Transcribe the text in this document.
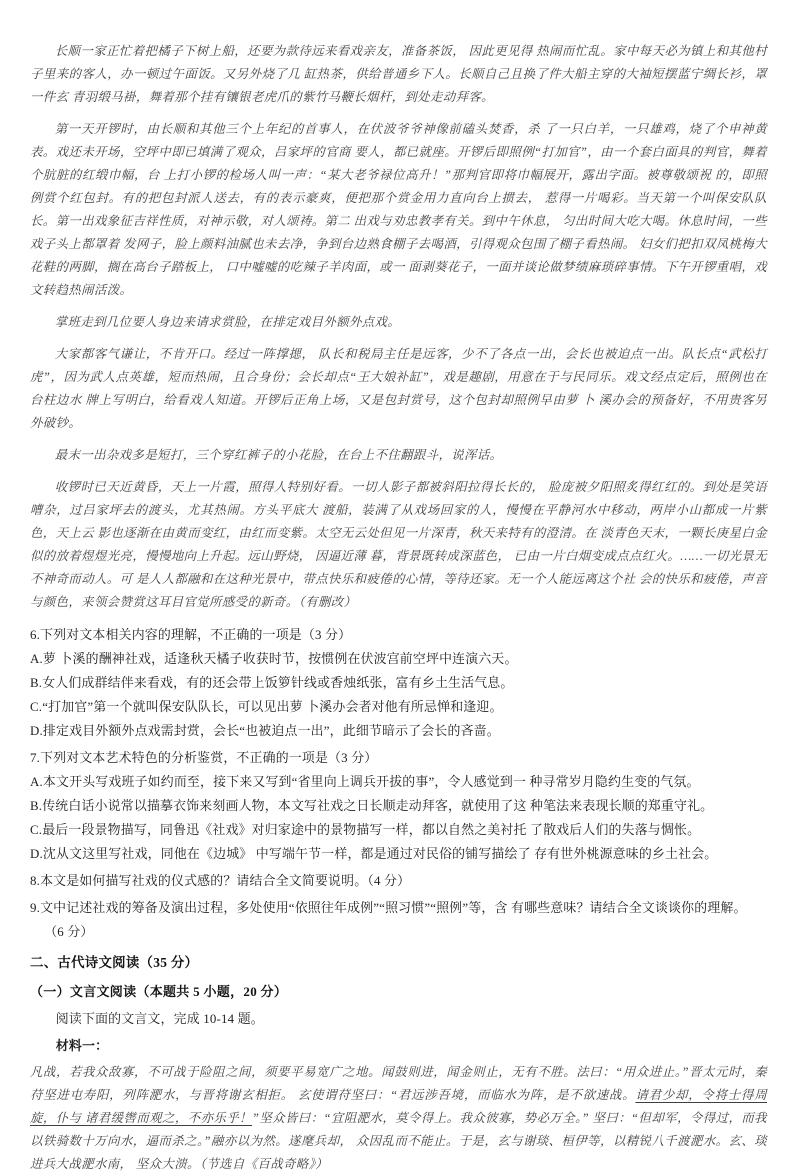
长顺一家正忙着把橘子下树上船，还要为款待远来看戏亲友，准备茶饭， 因此更见得 热闹而忙乱。家中每天必为镇上和其他村子里来的客人，办一顿过午面饭。又另外烧了几 缸热茶，供给普通乡下人。长顺自己且换了件大船主穿的大袖短摆蓝宁绸长衫，罩一件玄 青羽缎马褂，舞着那个挂有镶银老虎爪的紫竹马鞭长烟杆，到处走动拜客。

第一天开锣时，由长顺和其他三个上年纪的首事人，在伏波爷爷神像前磕头焚香，杀 了一只白羊，一只雄鸡，烧了个申神黄表。戏还未开场，空坪中即已填满了观众，吕家坪的官商 要人，都已就座。开锣后即照例“打加官”，由一个套白面具的判官，舞着个肮脏的红缎巾幅，台 上打小锣的检场人叫一声：“某大老爷禄位高升！”那判官即将巾幅展开，露出字面。被尊敬颂祝 的，即照例赏个红包封。有的把包封派人送去，有的表示豪爽，便把那个赏金用力直向台上掼去， 惹得一片喝彩。当天第一个叫保安队队长。第一出戏象征吉祥性质，对神示敬，对人颂祷。第二 出戏与劝忠教孝有关。到中午休息， 匀出时间大吃大喝。休息时间，一些戏子头上都罩着 发网子，脸上颜料油腻也未去净，争到台边熟食棚子去喝酒，引得观众包围了棚子看热闹。 妇女们把扣双凤桃梅大花鞋的两脚，搁在高台子踏板上， 口中嘘嘘的吃辣子羊肉面，或一 面剥葵花子，一面并谈论做梦绩麻琐碎事情。下午开锣重唱，戏文转趋热闹活泼。

掌班走到几位要人身边来请求赏脸，在排定戏目外额外点戏。

大家都客气谦让，不肯开口。经过一阵撑揌， 队长和税局主任是远客，少不了各点一出，会长也被迫点一出。队长点“武松打虎”，因为武人点英雄，短而热闹，且合身份；会长却点“王大娘补缸”，戏是趣剧，用意在于与民同乐。戏文经点定后，照例也在台柱边水 牌上写明白，给看戏人知道。开锣后正角上场，又是包封赏号，这个包封却照例早由萝 卜 溪办会的预备好，不用贵客另外破钞。

最末一出杂戏多是短打，三个穿红裤子的小花脸，在台上不住翻跟斗，说浑话。

收锣时已天近黄昏，天上一片霞，照得人特别好看。一切人影子都被斜阳拉得长长的， 脸庞被夕阳照炙得红红的。到处是笑语嘈杂，过吕家坪去的渡头，尤其热闹。方头平底大 渡船，装满了从戏场回家的人，慢慢在平静河水中移动，两岸小山都成一片紫色，天上云 影也逐渐在由黄而变红，由红而变紫。太空无云处但见一片深青，秋天来特有的澄清。在 淡青色天末，一颗长庚星白金似的放着煜煜光亮，慢慢地向上升起。远山野烧， 因逼近薄 暮，背景既转成深蓝色， 已由一片白烟变成点点红火。……一切光景无不神奇而动人。可 是人人都融和在这种光景中，带点快乐和疲倦的心情，等待还家。无一个人能远离这个社 会的快乐和疲倦，声音与颜色，来领会赞赏这耳目官觉所感受的新奇。（有删改）

6.下列对文本相关内容的理解，不正确的一项是（3 分）

A.萝 卜溪的酬神社戏，适逢秋天橘子收获时节，按惯例在伏波宫前空坪中连演六天。

B.女人们成群结伴来看戏，有的还会带上饭箩针线或香烛纸张，富有乡土生活气息。

C.“打加官”第一个就叫保安队队长，可以见出萝 卜溪办会者对他有所忌惮和逢迎。

D.排定戏目外额外点戏需封赏，会长“也被迫点一出”，此细节暗示了会长的吝啬。

7.下列对文本艺术特色的分析鉴赏，不正确的一项是（3 分）

A.本文开头写戏班子如约而至，接下来又写到“省里向上调兵开拔的事”，令人感觉到一 种寻常岁月隐约生变的气氛。

B.传统白话小说常以描摹衣饰来刻画人物，本文写社戏之日长顺走动拜客，就使用了这 种笔法来表现长顺的郑重守礼。

C.最后一段景物描写，同鲁迅《社戏》对归家途中的景物描写一样，都以自然之美衬托 了散戏后人们的失落与惆怅。

D.沈从文这里写社戏，同他在《边城》 中写端午节一样，都是通过对民俗的铺写描绘了 存有世外桃源意味的乡土社会。

8.本文是如何描写社戏的仪式感的？请结合全文简要说明。（4 分）

9.文中记述社戏的筹备及演出过程，多处使用“依照往年成例”“照习惯”“照例”等，含 有哪些意味？请结合全文谈谈你的理解。

（6 分）

二、古代诗文阅读（35 分）
（一）文言文阅读（本题共 5 小题，20 分）

阅读下面的文言文，完成 10-14 题。

材料一：

凡战，若我众敌寡，不可战于险阻之间，须要平易宽广之地。闻鼓则进，闻金则止，无有不胜。法曰：“用众进止。”晋太元时，秦苻坚进屯寿阳，列阵淝水，与晋将谢玄相拒。 玄使谓苻坚曰：“君远涉吾境，而临水为阵，是不欲速战。请君少却，令将士得周旋，仆与 诸君缓辔而观之，不亦乐乎！”坚众皆曰：“宜阻淝水，莫令得上。我众彼寡，势必万全。” 坚曰：“但却军，令得过，而我以铁骑数十万向水，逼而杀之。”融亦以为然。遂麾兵却， 众因乱而不能止。于是，玄与谢琰、桓伊等，以精锐八千渡淝水。玄、琰进兵大战淝水南， 坚众大溃。（节选自《百战奇略》）
